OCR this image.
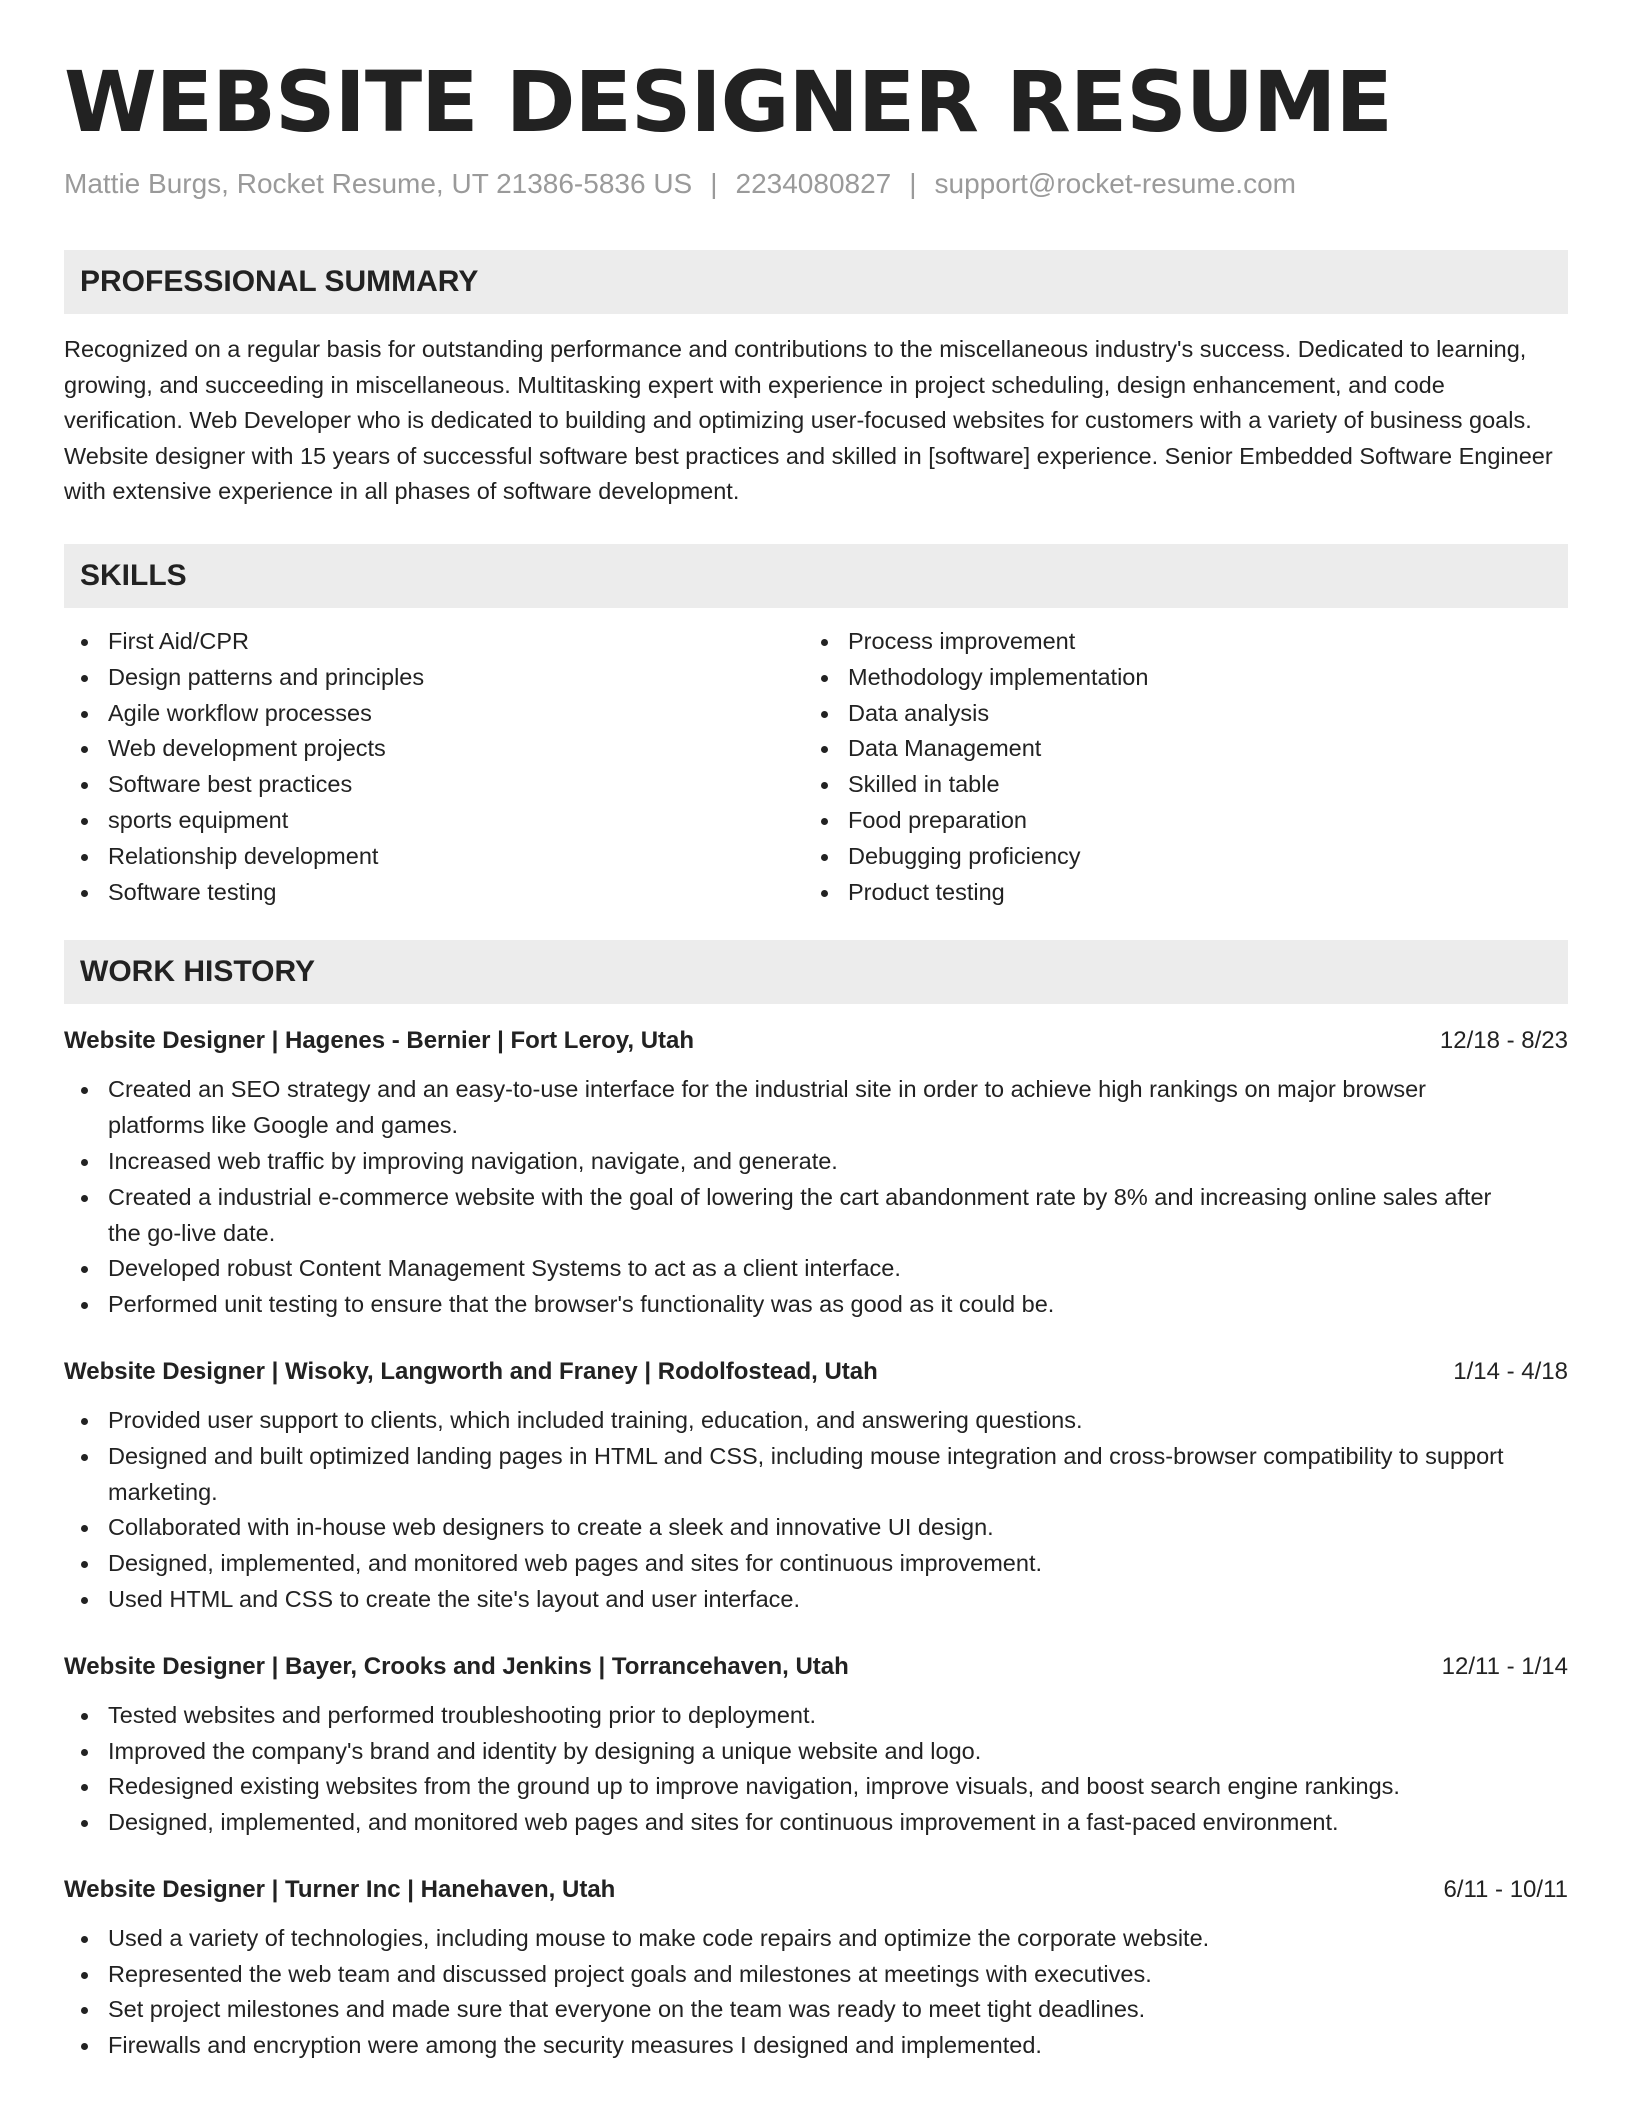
WEBSITE DESIGNER RESUME
Mattie Burgs, Rocket Resume, UT 21386-5836 US | 2234080827 | support@rocket-resume.com
PROFESSIONAL SUMMARY

Recognized on a regular basis for outstanding performance and contributions to the miscellaneous industry's success. Dedicated to learning, growing, and succeeding in miscellaneous. Multitasking expert with experience in project scheduling, design enhancement, and code verification. Web Developer who is dedicated to building and optimizing user-focused websites for customers with a variety of business goals. Website designer with 15 years of successful software best practices and skilled in [software] experience. Senior Embedded Software Engineer with extensive experience in all phases of software development.

SKILLS
First Aid/CPR
Design patterns and principles
Agile workflow processes
Web development projects
Software best practices
sports equipment
Relationship development
Software testing
Process improvement
Methodology implementation
Data analysis
Data Management
Skilled in table
Food preparation
Debugging proficiency
Product testing
WORK HISTORY
Website Designer | Hagenes - Bernier | Fort Leroy, Utah	12/18 - 8/23
Created an SEO strategy and an easy-to-use interface for the industrial site in order to achieve high rankings on major browser platforms like Google and games.
Increased web traffic by improving navigation, navigate, and generate.
Created a industrial e-commerce website with the goal of lowering the cart abandonment rate by 8% and increasing online sales after the go-live date.
Developed robust Content Management Systems to act as a client interface.
Performed unit testing to ensure that the browser's functionality was as good as it could be.
Website Designer | Wisoky, Langworth and Franey | Rodolfostead, Utah	1/14 - 4/18
Provided user support to clients, which included training, education, and answering questions.
Designed and built optimized landing pages in HTML and CSS, including mouse integration and cross-browser compatibility to support marketing.
Collaborated with in-house web designers to create a sleek and innovative UI design.
Designed, implemented, and monitored web pages and sites for continuous improvement.
Used HTML and CSS to create the site's layout and user interface.
Website Designer | Bayer, Crooks and Jenkins | Torrancehaven, Utah	12/11 - 1/14
Tested websites and performed troubleshooting prior to deployment.
Improved the company's brand and identity by designing a unique website and logo.
Redesigned existing websites from the ground up to improve navigation, improve visuals, and boost search engine rankings.
Designed, implemented, and monitored web pages and sites for continuous improvement in a fast-paced environment.
Website Designer | Turner Inc | Hanehaven, Utah	6/11 - 10/11
Used a variety of technologies, including mouse to make code repairs and optimize the corporate website.
Represented the web team and discussed project goals and milestones at meetings with executives.
Set project milestones and made sure that everyone on the team was ready to meet tight deadlines.
Firewalls and encryption were among the security measures I designed and implemented.
